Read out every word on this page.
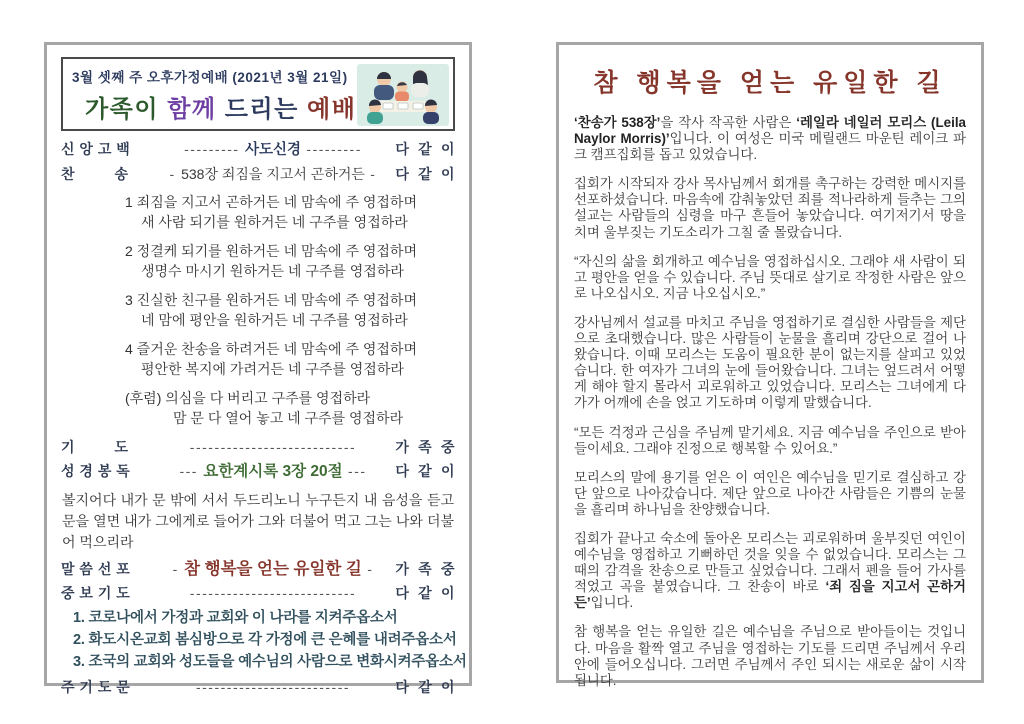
3월 셋째 주 오후가정예배 (2021년 3월 21일)
가족이 함께 드리는 예배
신 앙 고 백	--------- 사도신경 ---------	다  같  이
찬         송	- 538장 죄짐을 지고서 곤하거든 -	다  같  이
1 죄짐을 지고서 곤하거든 네 맘속에 주 영접하며
새 사람 되기를 원하거든 네 구주를 영접하라
2 정결케 되기를 원하거든 네 맘속에 주 영접하며
생명수 마시기 원하거든 네 구주를 영접하라
3 진실한 친구를 원하거든 네 맘속에 주 영접하며
네 맘에 평안을 원하거든 네 구주를 영접하라
4 즐거운 찬송을 하려거든 네 맘속에 주 영접하며
평안한 복지에 가려거든 네 구주를 영접하라
(후렴) 의심을 다 버리고 구주를 영접하라
맘 문 다 열어 놓고 네 구주를 영접하라
기         도	---------------------------	가  족  중
성 경 봉 독	--- 요한계시록 3장 20절 ---	다  같  이

볼지어다 내가 문 밖에 서서 두드리노니 누구든지 내 음성을 듣고 문을 열면 내가 그에게로 들어가 그와 더불어 먹고 그는 나와 더불어 먹으리라

말 씀 선 포	- 참 행복을 얻는 유일한 길 -	가  족  중
중 보 기 도	---------------------------	다  같  이
1. 코로나에서 가정과 교회와 이 나라를 지켜주옵소서
2. 화도시온교회 봄심방으로 각 가정에 큰 은혜를 내려주옵소서
3. 조국의 교회와 성도들을 예수님의 사람으로 변화시켜주옵소서
주 기 도 문	-------------------------	다  같  이
참 행복을 얻는 유일한 길

‘찬송가 538장’을 작사 작곡한 사람은 ‘레일라 네일러 모리스 (Leila Naylor Morris)’입니다. 이 여성은 미국 메릴랜드 마운틴 레이크 파크 캠프집회를 돕고 있었습니다.

집회가 시작되자 강사 목사님께서 회개를 촉구하는 강력한 메시지를 선포하셨습니다. 마음속에 감춰놓았던 죄를 적나라하게 들추는 그의 설교는 사람들의 심령을 마구 흔들어 놓았습니다. 여기저기서 땅을 치며 울부짖는 기도소리가 그칠 줄 몰랐습니다.

“자신의 삶을 회개하고 예수님을 영접하십시오. 그래야 새 사람이 되고 평안을 얻을 수 있습니다. 주님 뜻대로 살기로 작정한 사람은 앞으로 나오십시오. 지금 나오십시오.”

강사님께서 설교를 마치고 주님을 영접하기로 결심한 사람들을 제단으로 초대했습니다. 많은 사람들이 눈물을 흘리며 강단으로 걸어 나왔습니다. 이때 모리스는 도움이 필요한 분이 없는지를 살피고 있었습니다. 한 여자가 그녀의 눈에 들어왔습니다. 그녀는 엎드려서 어떻게 해야 할지 몰라서 괴로워하고 있었습니다. 모리스는 그녀에게 다가가 어깨에 손을 얹고 기도하며 이렇게 말했습니다.

“모든 걱정과 근심을 주님께 맡기세요. 지금 예수님을 주인으로 받아들이세요. 그래야 진정으로 행복할 수 있어요.”

모리스의 말에 용기를 얻은 이 여인은 예수님을 믿기로 결심하고 강단 앞으로 나아갔습니다. 제단 앞으로 나아간 사람들은 기쁨의 눈물을 흘리며 하나님을 찬양했습니다.

집회가 끝나고 숙소에 돌아온 모리스는 괴로워하며 울부짖던 여인이 예수님을 영접하고 기뻐하던 것을 잊을 수 없었습니다. 모리스는 그때의 감격을 찬송으로 만들고 싶었습니다. 그래서 펜을 들어 가사를 적었고 곡을 붙였습니다. 그 찬송이 바로 ‘죄 짐을 지고서 곤하거든’입니다.

참 행복을 얻는 유일한 길은 예수님을 주님으로 받아들이는 것입니다. 마음을 활짝 열고 주님을 영접하는 기도를 드리면 주님께서 우리 안에 들어오십니다. 그러면 주님께서 주인 되시는 새로운 삶이 시작됩니다.
